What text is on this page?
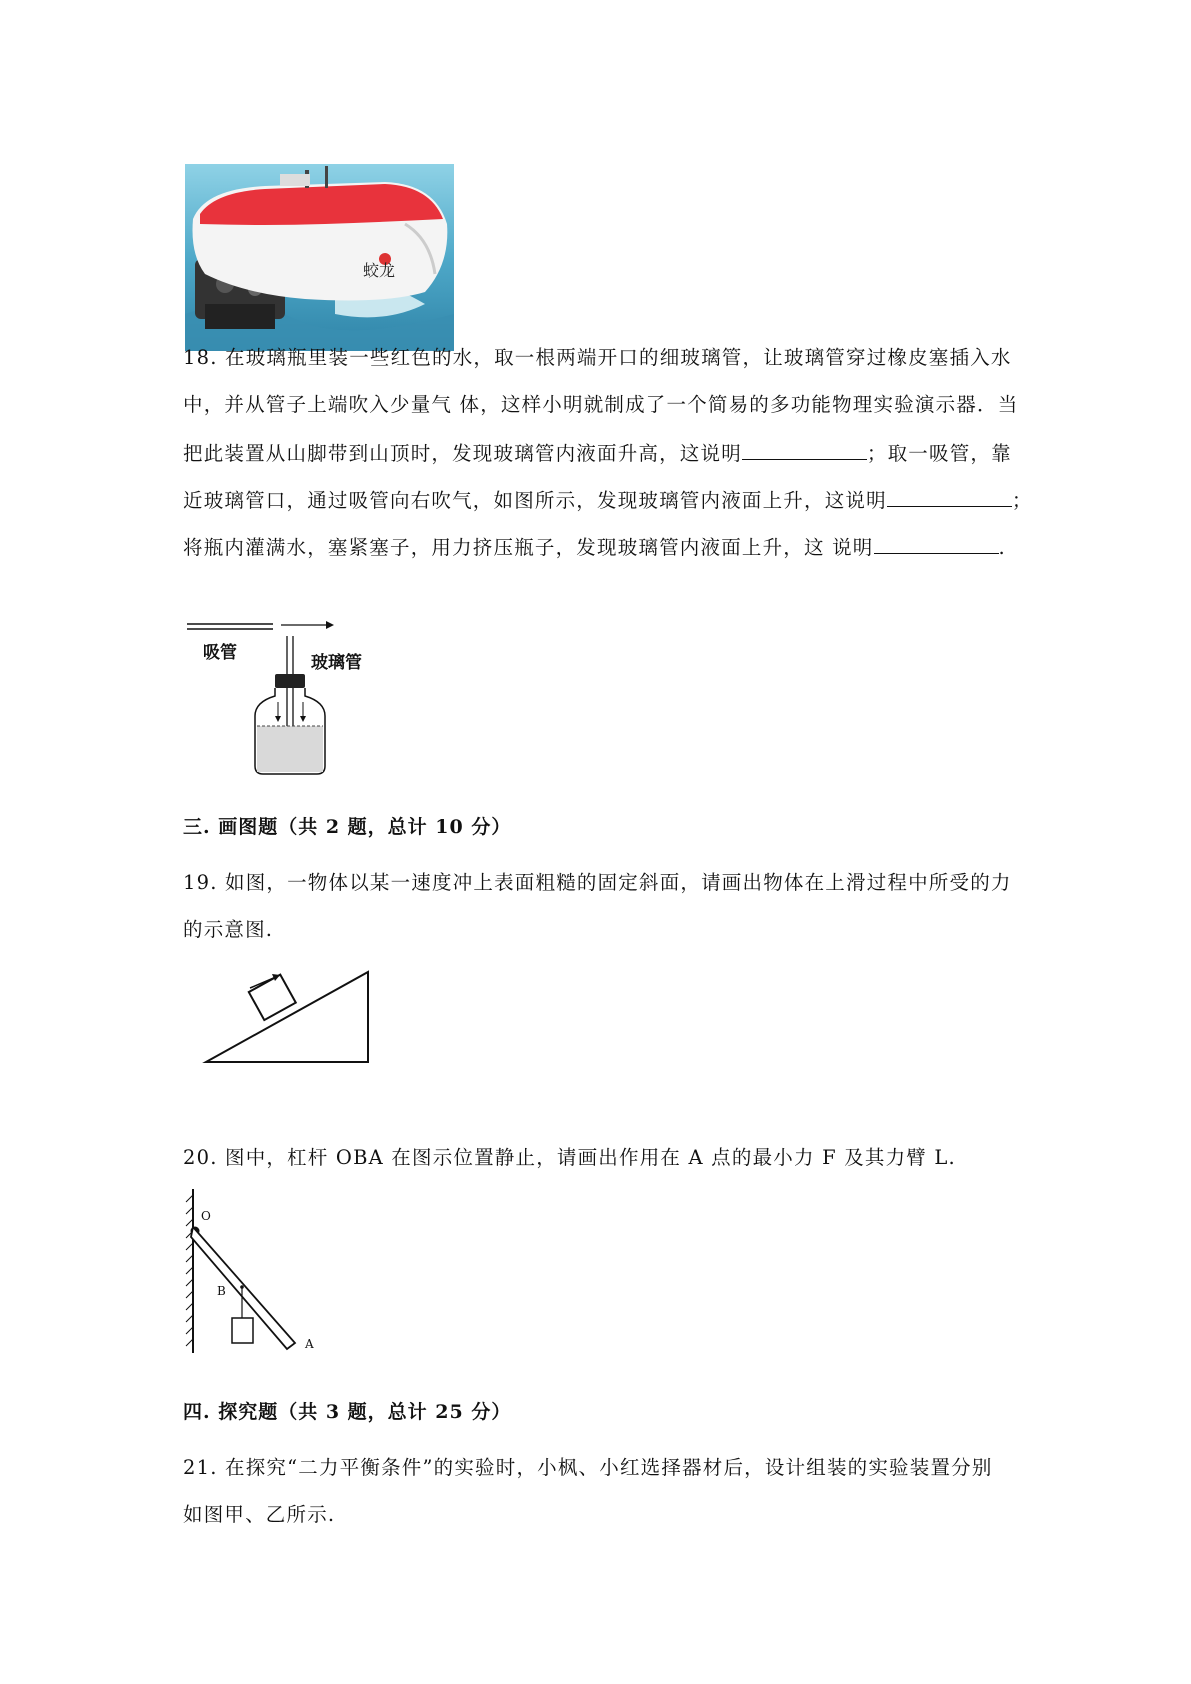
蛟龙
18. 在玻璃瓶里装一些红色的水，取一根两端开口的细玻璃管，让玻璃管穿过橡皮塞插入水
中，并从管子上端吹入少量气 体，这样小明就制成了一个简易的多功能物理实验演示器．当
把此装置从山脚带到山顶时，发现玻璃管内液面升高，这说明	；取一吸管，靠
近玻璃管口，通过吸管向右吹气，如图所示，发现玻璃管内液面上升，这说明	；
将瓶内灌满水，塞紧塞子，用力挤压瓶子，发现玻璃管内液面上升，这 说明	.
吸管	玻璃管
三. 画图题（共 2 题，总计 10 分）
19. 如图，一物体以某一速度冲上表面粗糙的固定斜面，请画出物体在上滑过程中所受的力
的示意图.
20. 图中，杠杆 OBA 在图示位置静止，请画出作用在 A 点的最小力 F 及其力臂 L.
O
B
A
四. 探究题（共 3 题，总计 25 分）
21. 在探究“二力平衡条件”的实验时，小枫、小红选择器材后，设计组装的实验装置分别
如图甲、乙所示.
